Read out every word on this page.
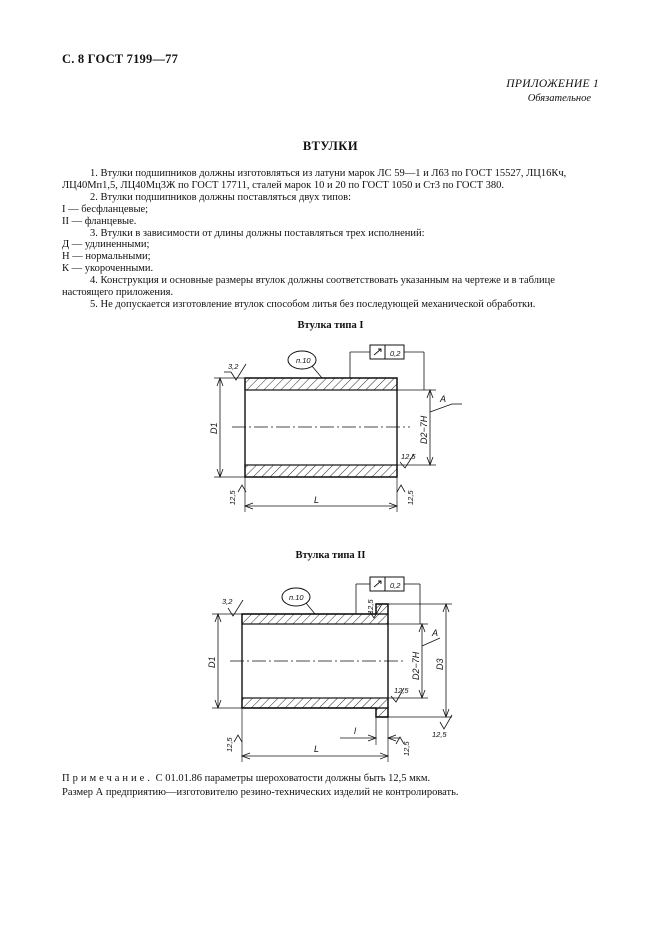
С. 8 ГОСТ 7199—77
ПРИЛОЖЕНИЕ 1
Обязательное
ВТУЛКИ

1. Втулки подшипников должны изготовляться из латуни марок ЛС 59—1 и Л63 по ГОСТ 15527, ЛЦ16Кч, ЛЦ40Мп1,5, ЛЦ40Мц3Ж по ГОСТ 17711, сталей марок 10 и 20 по ГОСТ 1050 и Ст3 по ГОСТ 380.

2. Втулки подшипников должны поставляться двух типов:

I — бесфланцевые;

II — фланцевые.

3. Втулки в зависимости от длины должны поставляться трех исполнений:

Д — удлиненными;

Н — нормальными;

К — укороченными.

4. Конструкция и основные размеры втулок должны соответствовать указанным на чертеже и в таблице настоящего приложения.

5. Не допускается изготовление втулок способом литья без последующей механической обработки.

Втулка типа I
Втулка типа II
3,2
п.10
0,2
12,5
12,5	12,5
D1	D2−7H
A
L
3,2	п.10
0,2
12,5
12,5
12,5	12,5
12,5
D1	D2−7H D3
A
l
L

Примечание. С 01.01.86 параметры шероховатости должны быть 12,5 мкм.

Размер А предприятию—изготовителю резино-технических изделий не контролировать.
